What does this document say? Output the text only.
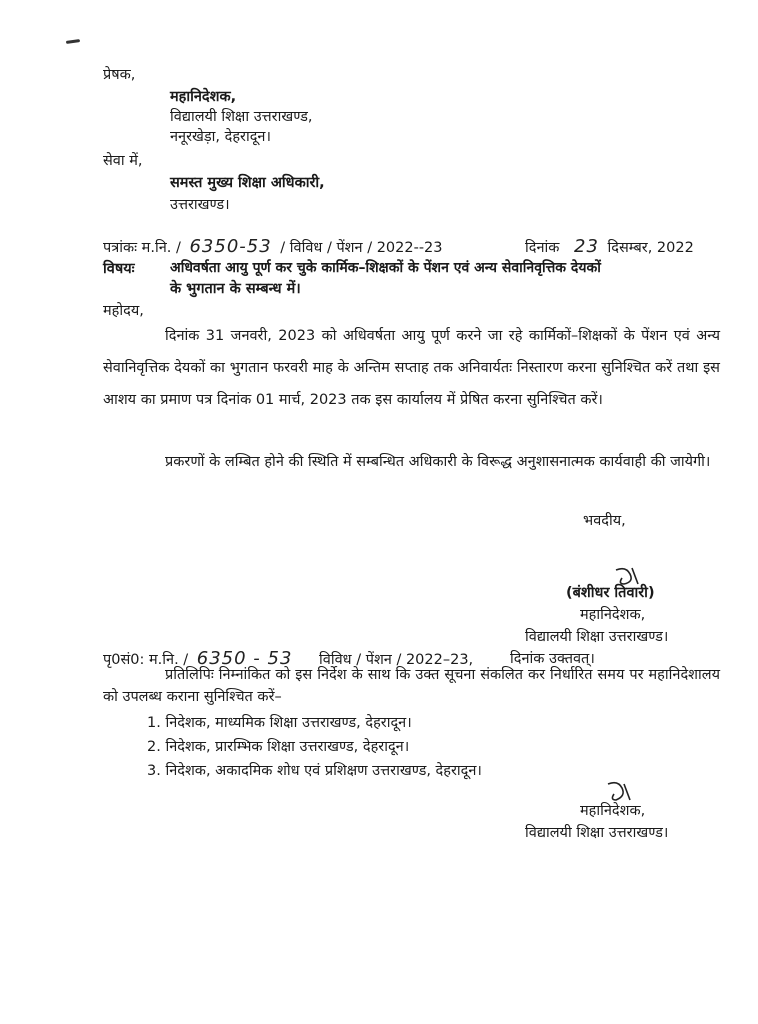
प्रेषक,
महानिदेशक,
विद्यालयी शिक्षा उत्तराखण्ड,
ननूरखेड़ा, देहरादून।
सेवा में,
समस्त मुख्य शिक्षा अधिकारी,
उत्तराखण्ड।
पत्रांकः म.नि. / 6350-53 / विविध / पेंशन / 2022--23	दिनांक 23 दिसम्बर, 2022
विषयः	अधिवर्षता आयु पूर्ण कर चुके कार्मिक–शिक्षकों के पेंशन एवं अन्य सेवानिवृत्तिक देयकों
के भुगतान के सम्बन्ध में।
महोदय,
दिनांक 31 जनवरी, 2023 को अधिवर्षता आयु पूर्ण करने जा रहे कार्मिकों–शिक्षकों के पेंशन एवं अन्य सेवानिवृत्तिक देयकों का भुगतान फरवरी माह के अन्तिम सप्ताह तक अनिवार्यतः निस्तारण करना सुनिश्चित करें तथा इस आशय का प्रमाण पत्र दिनांक 01 मार्च, 2023 तक इस कार्यालय में प्रेषित करना सुनिश्चित करें।
प्रकरणों के लम्बित होने की स्थिति में सम्बन्धित अधिकारी के विरूद्ध अनुशासनात्मक कार्यवाही की जायेगी।
भवदीय,
(बंशीधर तिवारी)
महानिदेशक,
विद्यालयी शिक्षा उत्तराखण्ड।
पृ0सं0: म.नि. / 6350 - 53 विविध / पेंशन / 2022–23,	दिनांक उक्तवत्।
प्रतिलिपिः निम्नांकित को इस निर्देश के साथ कि उक्त सूचना संकलित कर निर्धारित समय पर महानिदेशालय को उपलब्ध कराना सुनिश्चित करें–
1. निदेशक, माध्यमिक शिक्षा उत्तराखण्ड, देहरादून।
2. निदेशक, प्रारम्भिक शिक्षा उत्तराखण्ड, देहरादून।
3. निदेशक, अकादमिक शोध एवं प्रशिक्षण उत्तराखण्ड, देहरादून।
महानिदेशक,
विद्यालयी शिक्षा उत्तराखण्ड।
